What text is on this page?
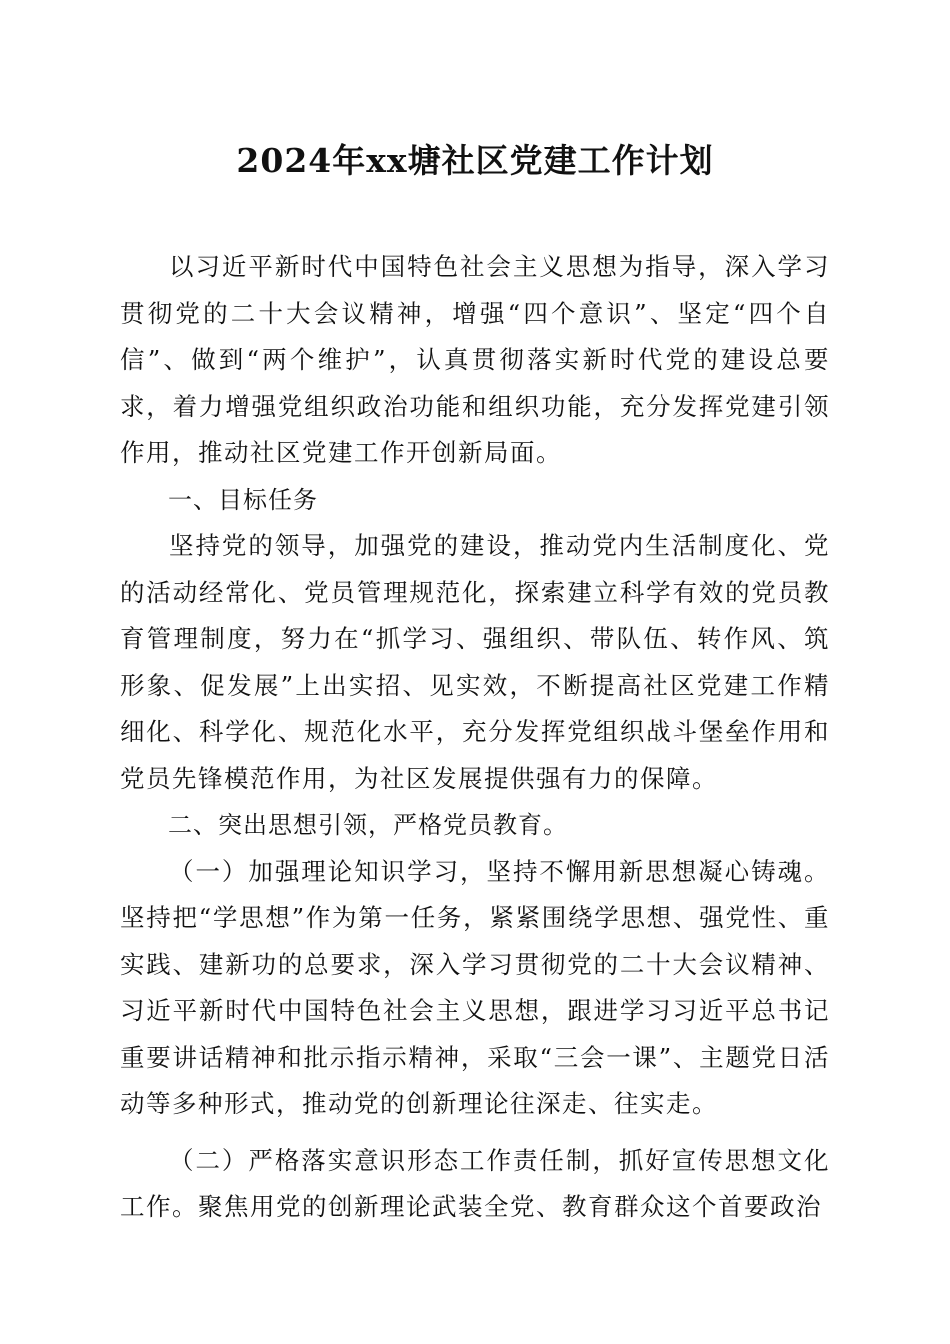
2024年xx塘社区党建工作计划

以习近平新时代中国特色社会主义思想为指导，深入学习贯彻党的二十大会议精神，增强“四个意识”、坚定“四个自信”、做到“两个维护”，认真贯彻落实新时代党的建设总要求，着力增强党组织政治功能和组织功能，充分发挥党建引领作用，推动社区党建工作开创新局面。

一、目标任务

坚持党的领导，加强党的建设，推动党内生活制度化、党的活动经常化、党员管理规范化，探索建立科学有效的党员教育管理制度，努力在“抓学习、强组织、带队伍、转作风、筑形象、促发展”上出实招、见实效，不断提高社区党建工作精细化、科学化、规范化水平，充分发挥党组织战斗堡垒作用和党员先锋模范作用，为社区发展提供强有力的保障。

二、突出思想引领，严格党员教育。

（一）加强理论知识学习，坚持不懈用新思想凝心铸魂。坚持把“学思想”作为第一任务，紧紧围绕学思想、强党性、重实践、建新功的总要求，深入学习贯彻党的二十大会议精神、习近平新时代中国特色社会主义思想，跟进学习习近平总书记重要讲话精神和批示指示精神，采取“三会一课”、主题党日活动等多种形式，推动党的创新理论往深走、往实走。

（二）严格落实意识形态工作责任制，抓好宣传思想文化工作。聚焦用党的创新理论武装全党、教育群众这个首要政治
